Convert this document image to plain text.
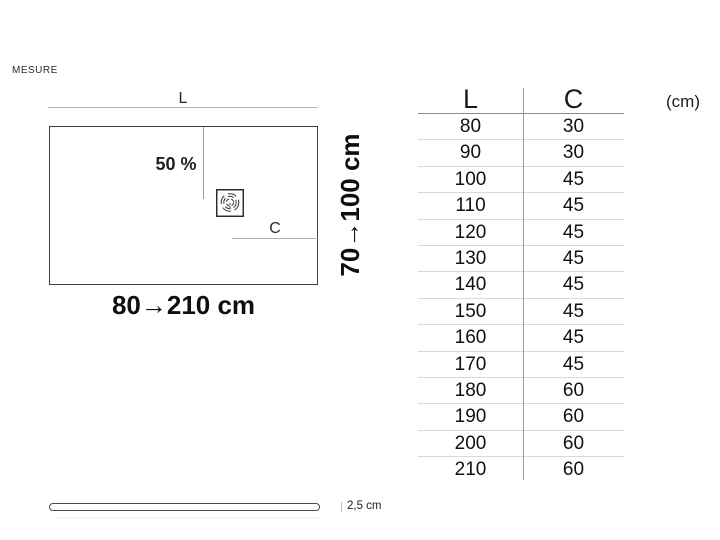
MESURE
L
50 %
C
80→210 cm
70→100 cm
L	C
80	30
90	30
100	45
110	45
120	45
130	45
140	45
150	45
160	45
170	45
180	60
190	60
200	60
210	60
(cm)
2,5 cm
